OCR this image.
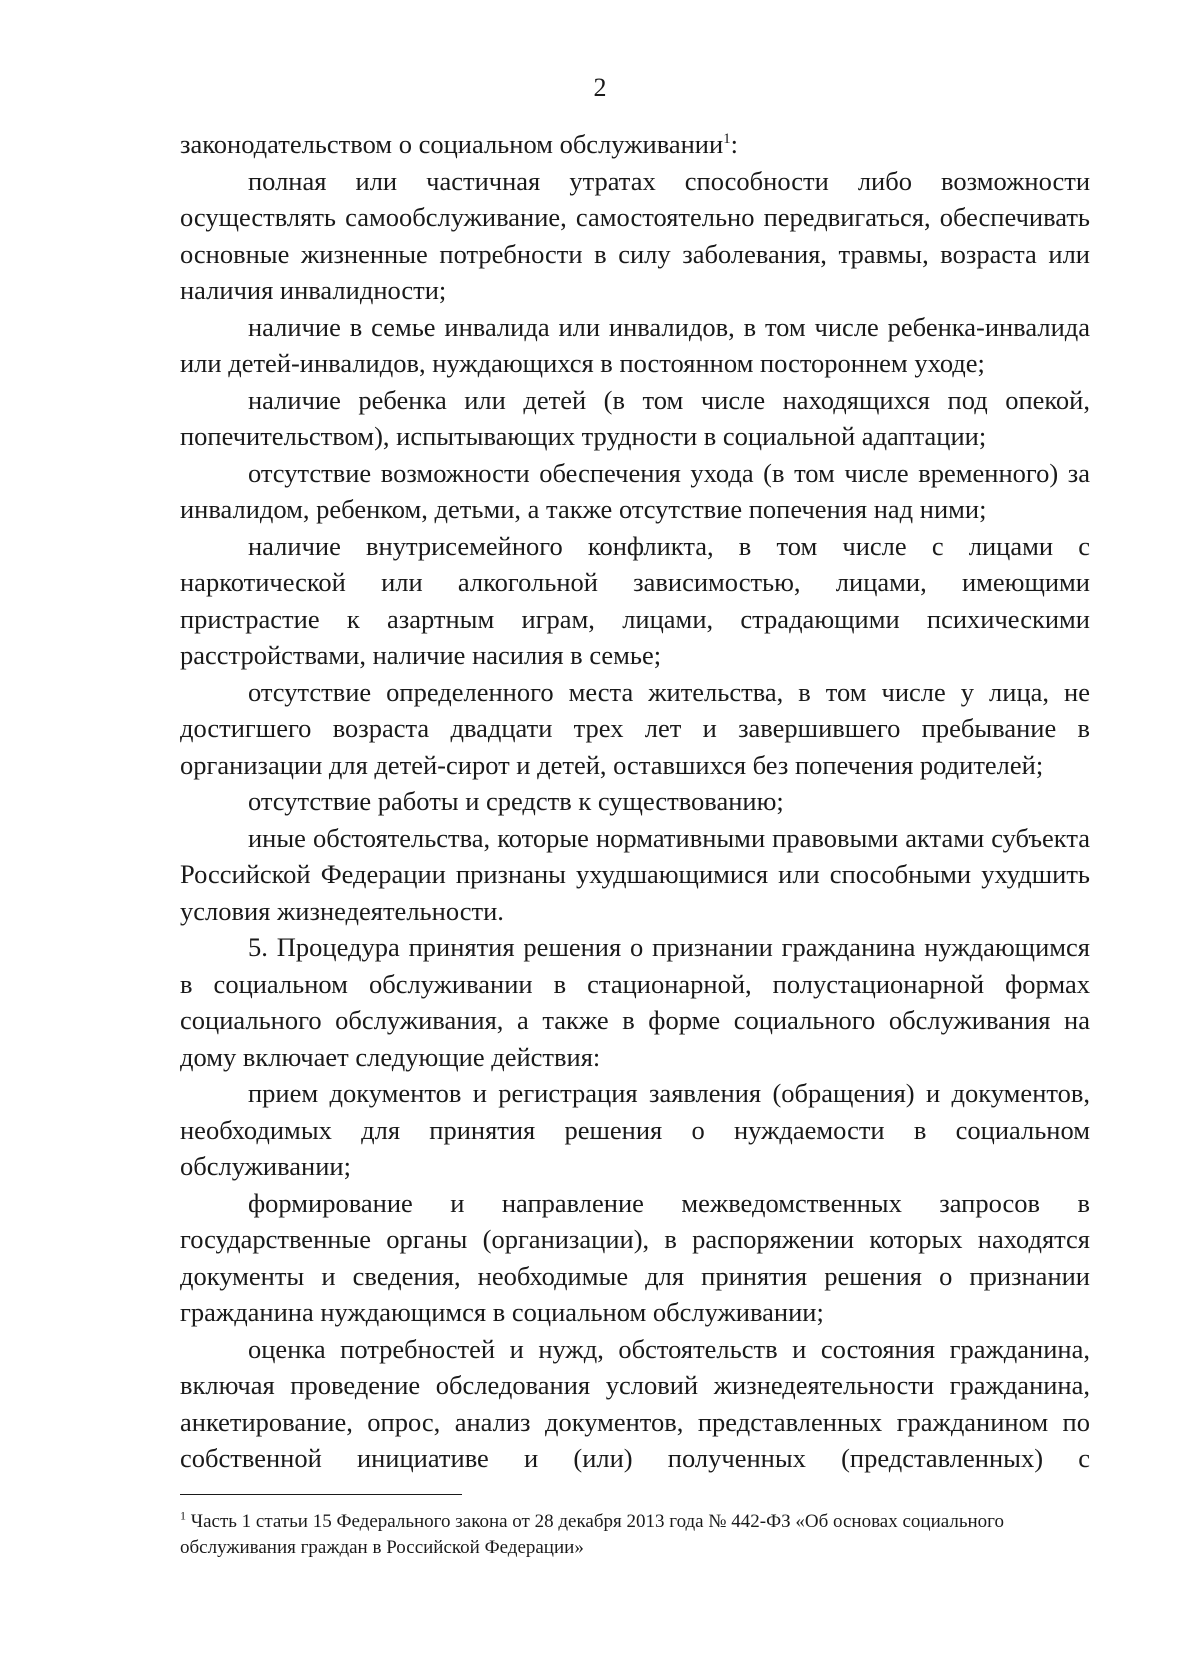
2

законодательством о социальном обслуживании$^1$:

полная или частичная утратах способности либо возможности осуществлять самообслуживание, самостоятельно передвигаться, обеспечивать основные жизненные потребности в силу заболевания, травмы, возраста или наличия инвалидности;

наличие в семье инвалида или инвалидов, в том числе ребенка-инвалида или детей-инвалидов, нуждающихся в постоянном постороннем уходе;

наличие ребенка или детей (в том числе находящихся под опекой, попечительством), испытывающих трудности в социальной адаптации;

отсутствие возможности обеспечения ухода (в том числе временного) за инвалидом, ребенком, детьми, а также отсутствие попечения над ними;

наличие внутрисемейного конфликта, в том числе с лицами с наркотической или алкогольной зависимостью, лицами, имеющими пристрастие к азартным играм, лицами, страдающими психическими расстройствами, наличие насилия в семье;

отсутствие определенного места жительства, в том числе у лица, не достигшего возраста двадцати трех лет и завершившего пребывание в организации для детей-сирот и детей, оставшихся без попечения родителей;

отсутствие работы и средств к существованию;

иные обстоятельства, которые нормативными правовыми актами субъекта Российской Федерации признаны ухудшающимися или способными ухудшить условия жизнедеятельности.

5. Процедура принятия решения о признании гражданина нуждающимся в социальном обслуживании в стационарной, полустационарной формах социального обслуживания, а также в форме социального обслуживания на дому включает следующие действия:

прием документов и регистрация заявления (обращения) и документов, необходимых для принятия решения о нуждаемости в социальном обслуживании;

формирование и направление межведомственных запросов в государственные органы (организации), в распоряжении которых находятся документы и сведения, необходимые для принятия решения о признании гражданина нуждающимся в социальном обслуживании;

оценка потребностей и нужд, обстоятельств и состояния гражданина, включая проведение обследования условий жизнедеятельности гражданина, анкетирование, опрос, анализ документов, представленных гражданином по собственной инициативе и (или) полученных (представленных) с

$^1$ Часть 1 статьи 15 Федерального закона от 28 декабря 2013 года № 442-ФЗ «Об основах социального обслуживания граждан в Российской Федерации»
